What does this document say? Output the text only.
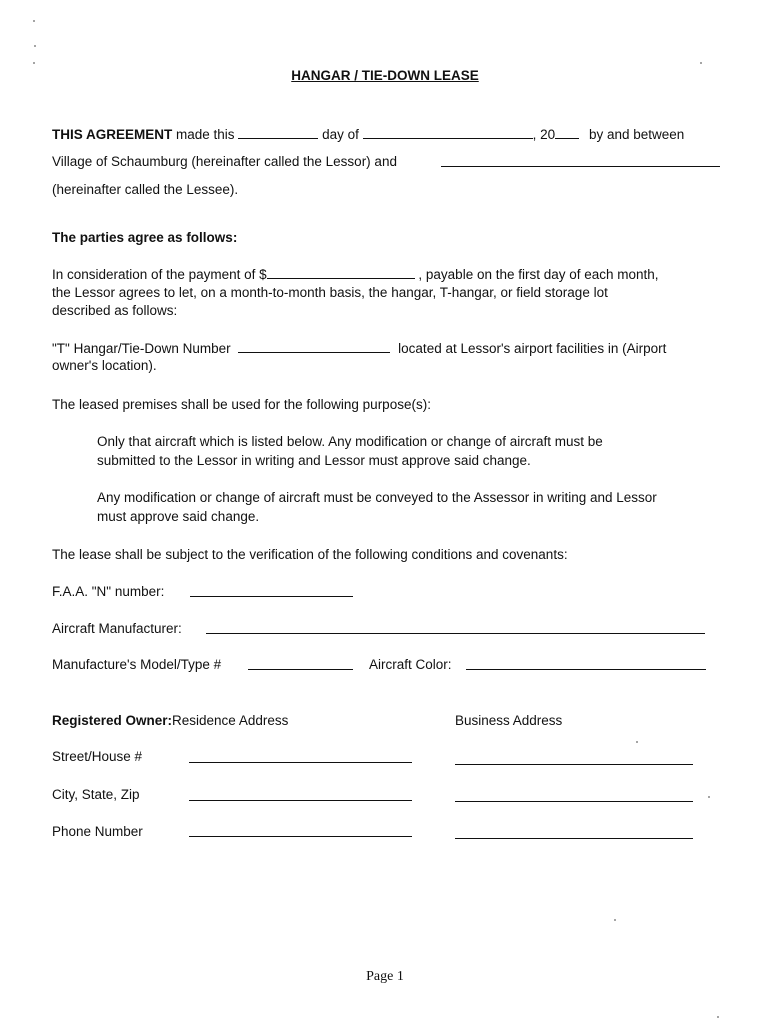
HANGAR / TIE-DOWN LEASE
THIS AGREEMENT made this	day of	, 20	by and between
Village of Schaumburg (hereinafter called the Lessor) and
(hereinafter called the Lessee).
The parties agree as follows:
In consideration of the payment of $	, payable on the first day of each month,
the Lessor agrees to let, on a month-to-month basis, the hangar, T-hangar, or field storage lot
described as follows:
"T" Hangar/Tie-Down Number	located at Lessor's airport facilities in (Airport
owner's location).
The leased premises shall be used for the following purpose(s):
Only that aircraft which is listed below. Any modification or change of aircraft must be
submitted to the Lessor in writing and Lessor must approve said change.
Any modification or change of aircraft must be conveyed to the Assessor in writing and Lessor
must approve said change.
The lease shall be subject to the verification of the following conditions and covenants:
F.A.A. "N" number:
Aircraft Manufacturer:
Manufacture's Model/Type #	Aircraft Color:
Registered Owner:Residence Address	Business Address
Street/House #
City, State, Zip
Phone Number
Page 1
